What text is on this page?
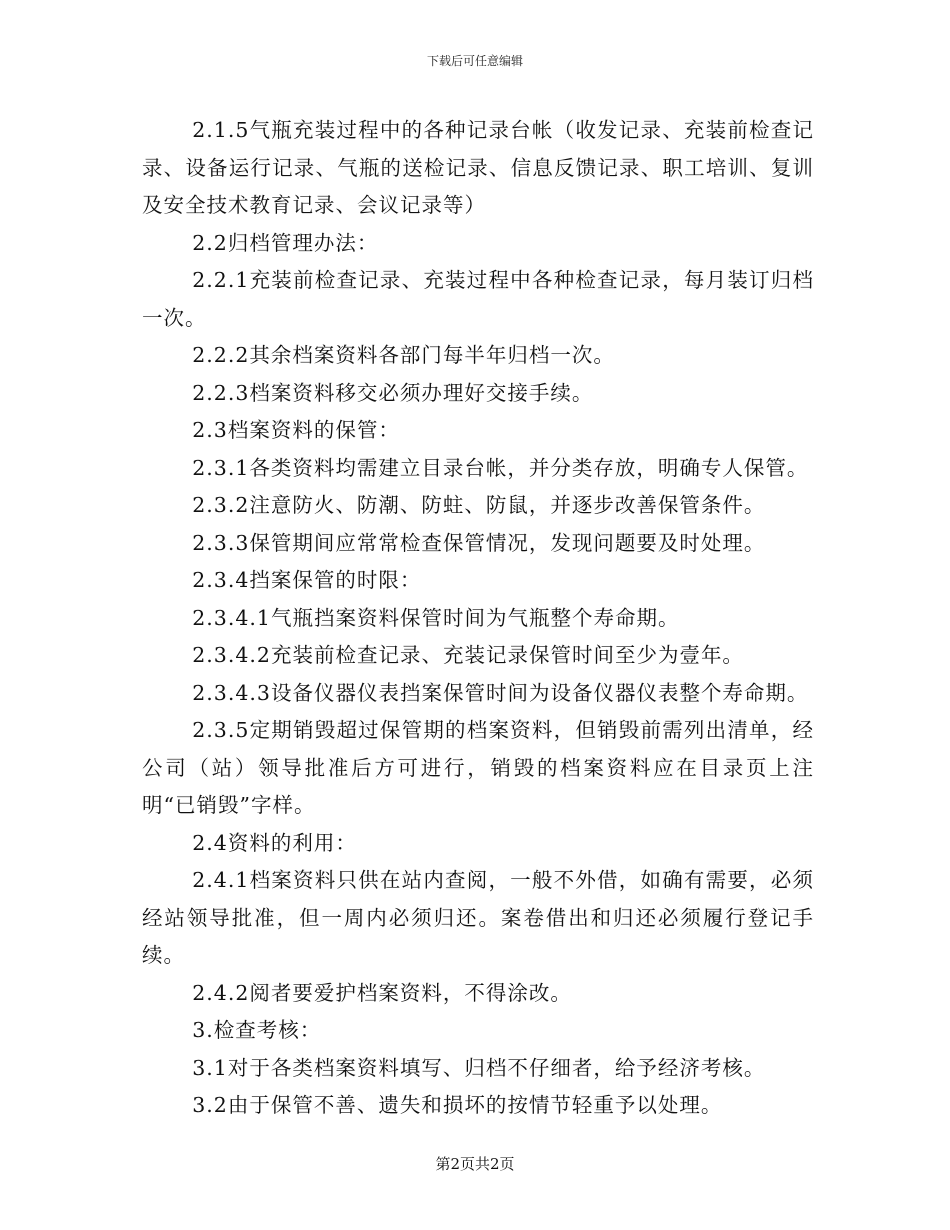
下载后可任意编辑

2.1.5气瓶充装过程中的各种记录台帐（收发记录、充装前检查记录、设备运行记录、气瓶的送检记录、信息反馈记录、职工培训、复训及安全技术教育记录、会议记录等）

2.2归档管理办法：

2.2.1充装前检查记录、充装过程中各种检查记录，每月装订归档一次。

2.2.2其余档案资料各部门每半年归档一次。

2.2.3档案资料移交必须办理好交接手续。

2.3档案资料的保管：

2.3.1各类资料均需建立目录台帐，并分类存放，明确专人保管。

2.3.2注意防火、防潮、防蛀、防鼠，并逐步改善保管条件。

2.3.3保管期间应常常检查保管情况，发现问题要及时处理。

2.3.4挡案保管的时限：

2.3.4.1气瓶挡案资料保管时间为气瓶整个寿命期。

2.3.4.2充装前检查记录、充装记录保管时间至少为壹年。

2.3.4.3设备仪器仪表挡案保管时间为设备仪器仪表整个寿命期。

2.3.5定期销毁超过保管期的档案资料，但销毁前需列出清单，经公司（站）领导批准后方可进行，销毁的档案资料应在目录页上注明“已销毁”字样。

2.4资料的利用：

2.4.1档案资料只供在站内查阅，一般不外借，如确有需要，必须经站领导批准，但一周内必须归还。案卷借出和归还必须履行登记手续。

2.4.2阅者要爱护档案资料，不得涂改。

3.检查考核：

3.1对于各类档案资料填写、归档不仔细者，给予经济考核。

3.2由于保管不善、遗失和损坏的按情节轻重予以处理。

第2页共2页
